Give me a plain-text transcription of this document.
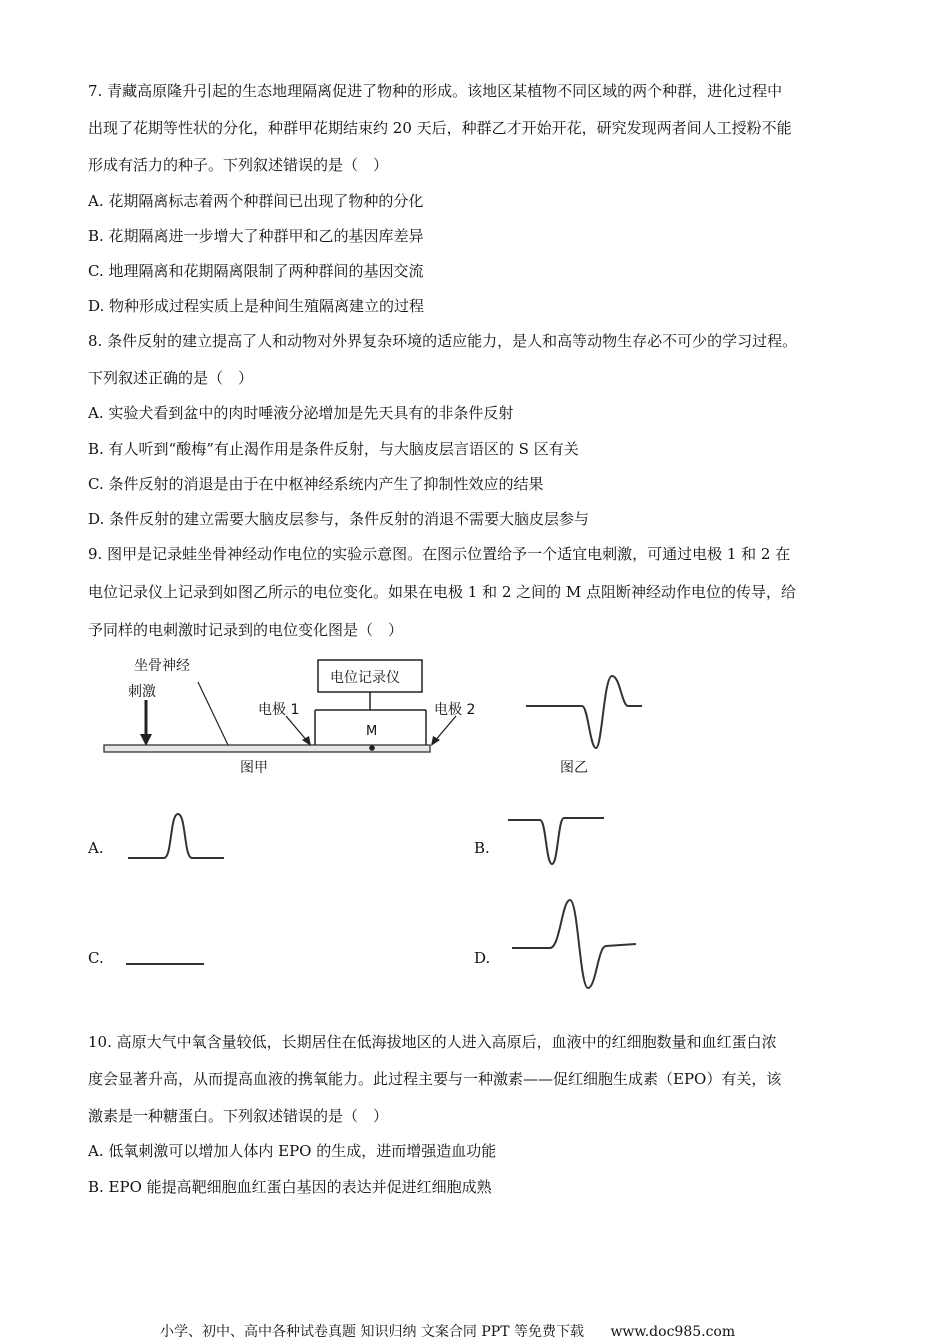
7. 青藏高原隆升引起的生态地理隔离促进了物种的形成。该地区某植物不同区域的两个种群，进化过程中
出现了花期等性状的分化，种群甲花期结束约 20 天后，种群乙才开始开花，研究发现两者间人工授粉不能
形成有活力的种子。下列叙述错误的是（　）
A. 花期隔离标志着两个种群间已出现了物种的分化
B. 花期隔离进一步增大了种群甲和乙的基因库差异
C. 地理隔离和花期隔离限制了两种群间的基因交流
D. 物种形成过程实质上是种间生殖隔离建立的过程
8. 条件反射的建立提高了人和动物对外界复杂环境的适应能力，是人和高等动物生存必不可少的学习过程。
下列叙述正确的是（　）
A. 实验犬看到盆中的肉时唾液分泌增加是先天具有的非条件反射
B. 有人听到“酸梅”有止渴作用是条件反射，与大脑皮层言语区的 S 区有关
C. 条件反射的消退是由于在中枢神经系统内产生了抑制性效应的结果
D. 条件反射的建立需要大脑皮层参与，条件反射的消退不需要大脑皮层参与
9. 图甲是记录蛙坐骨神经动作电位的实验示意图。在图示位置给予一个适宜电刺激，可通过电极 1 和 2 在
电位记录仪上记录到如图乙所示的电位变化。如果在电极 1 和 2 之间的 M 点阻断神经动作电位的传导，给
予同样的电刺激时记录到的电位变化图是（　）
坐骨神经
刺激
电位记录仪
电极 1	电极 2
M
图甲	图乙
A.	B.
C.	D.
10. 高原大气中氧含量较低，长期居住在低海拔地区的人进入高原后，血液中的红细胞数量和血红蛋白浓
度会显著升高，从而提高血液的携氧能力。此过程主要与一种激素——促红细胞生成素（EPO）有关，该
激素是一种糖蛋白。下列叙述错误的是（　）
A. 低氧刺激可以增加人体内 EPO 的生成，进而增强造血功能
B. EPO 能提高靶细胞血红蛋白基因的表达并促进红细胞成熟
小学、初中、高中各种试卷真题 知识归纳 文案合同 PPT 等免费下载 www.doc985.com
